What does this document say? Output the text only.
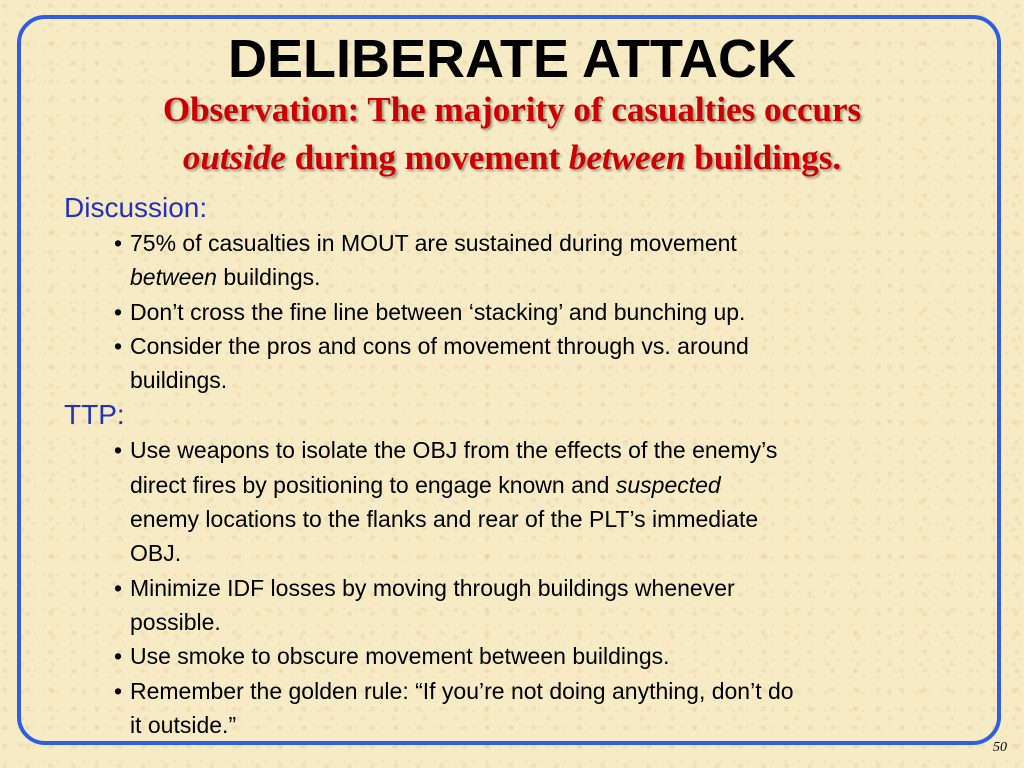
DELIBERATE ATTACK
Observation: The majority of casualties occurs
outside during movement between buildings.
Discussion:
• 75% of casualties in MOUT are sustained during movement
between buildings.
• Don’t cross the fine line between ‘stacking’ and bunching up.
• Consider the pros and cons of movement through vs. around
buildings.
TTP:
• Use weapons to isolate the OBJ from the effects of the enemy’s
direct fires by positioning to engage known and suspected
enemy locations to the flanks and rear of the PLT’s immediate
OBJ.
• Minimize IDF losses by moving through buildings whenever
possible.
• Use smoke to obscure movement between buildings.
• Remember the golden rule: “If you’re not doing anything, don’t do
it outside.”
50
